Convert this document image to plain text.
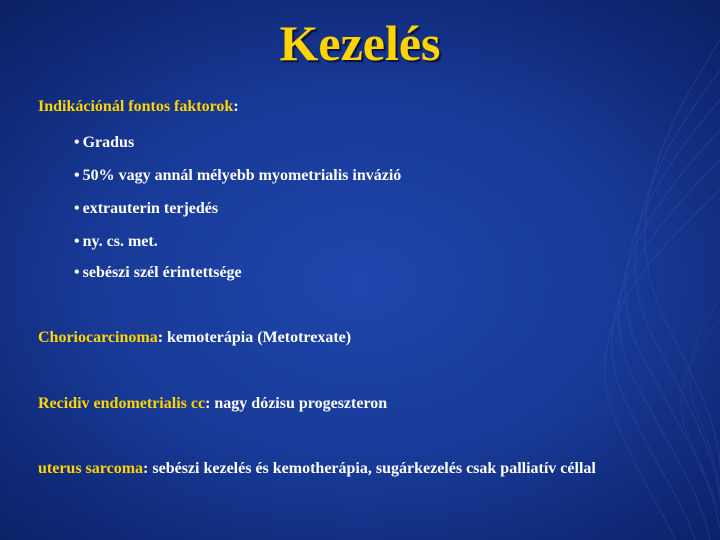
Kezelés
Indikációnál fontos faktorok:
• Gradus
• 50% vagy annál mélyebb myometrialis invázió
• extrauterin terjedés
• ny. cs. met.
• sebészi szél érintettsége
Choriocarcinoma: kemoterápia (Metotrexate)
Recidiv endometrialis cc: nagy dózisu progeszteron
uterus sarcoma: sebészi kezelés és kemotherápia, sugárkezelés csak palliatív céllal
